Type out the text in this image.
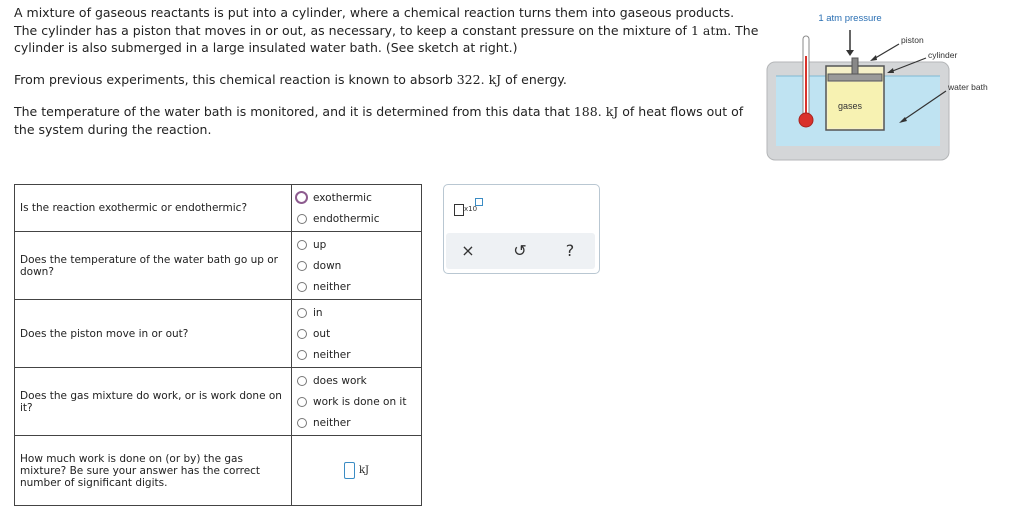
A mixture of gaseous reactants is put into a cylinder, where a chemical reaction turns them into gaseous products. The cylinder has a piston that moves in or out, as necessary, to keep a constant pressure on the mixture of 1 atm. The cylinder is also submerged in a large insulated water bath. (See sketch at right.)

From previous experiments, this chemical reaction is known to absorb 322. kJ of energy.

The temperature of the water bath is monitored, and it is determined from this data that 188. kJ of heat flows out of the system during the reaction.

1 atm pressure
piston
cylinder
water bath
gases
Is the reaction exothermic or endothermic?	exothermic
endothermic

Does the temperature of the water bath go up or down?	up
down
neither

Does the piston move in or out?	in
out
neither

Does the gas mixture do work, or is work done on it?	does work
work is done on it
neither

How much work is done on (or by) the gas mixture? Be sure your answer has the correct number of significant digits.	kJ
x10
×	↺	?
